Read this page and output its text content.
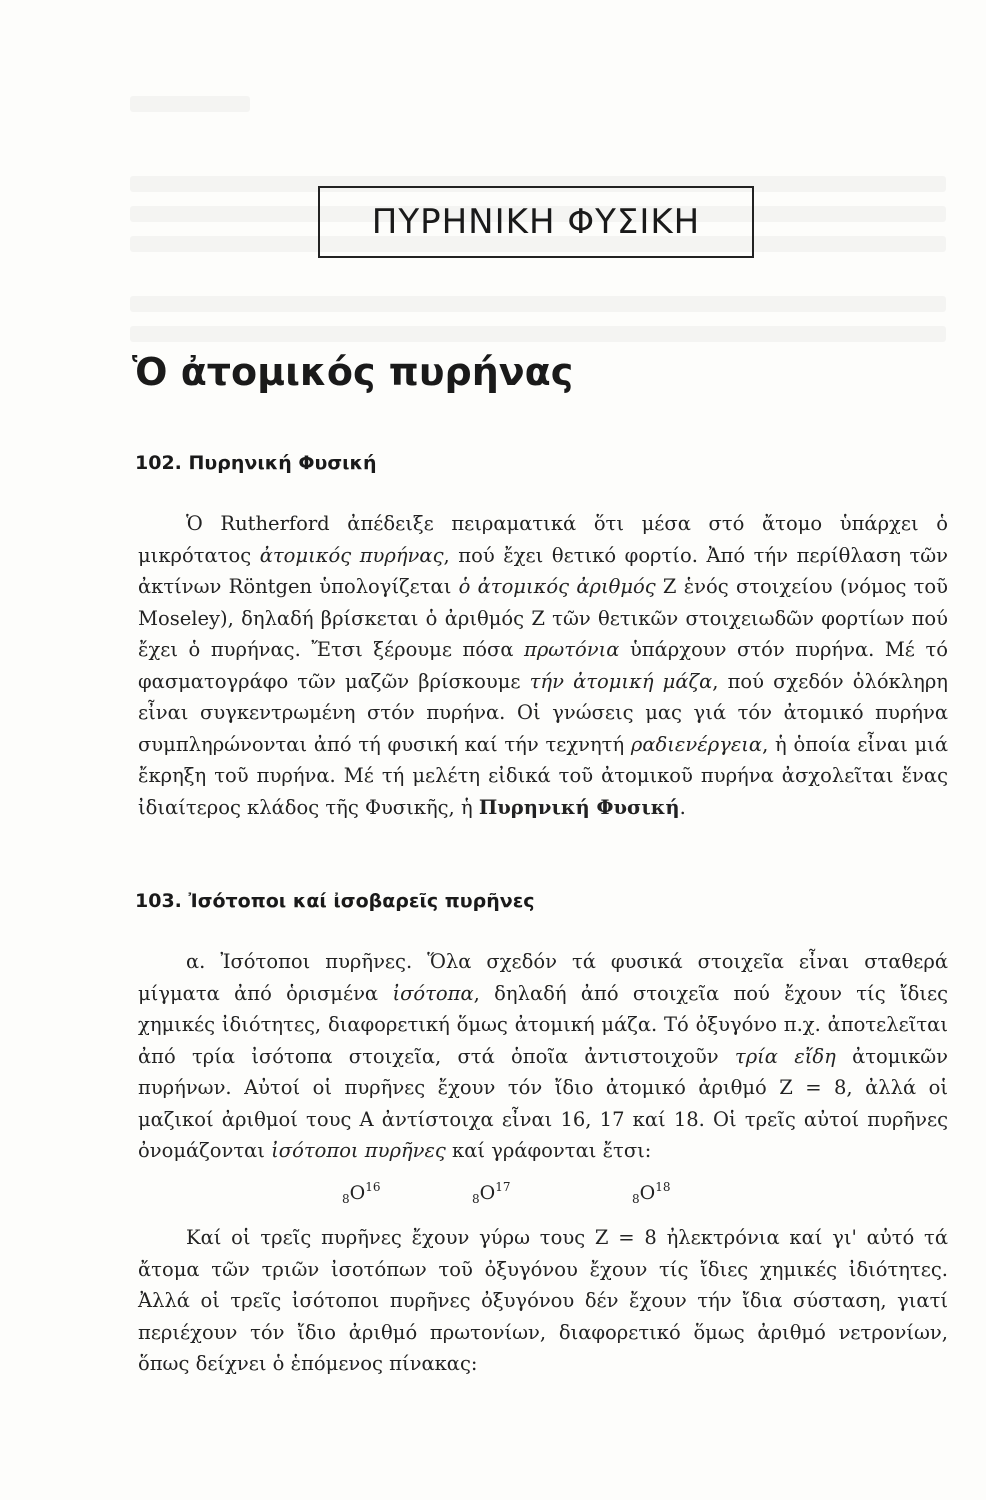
ΠΥΡΗΝΙΚΗ ΦΥΣΙΚΗ
Ὁ ἀτομικός πυρήνας
102. Πυρηνική Φυσική

Ὁ Rutherford ἀπέδειξε πειραματικά ὅτι μέσα στό ἄτομο ὑπάρχει ὁ μικρότατος ἀτομικός πυρήνας, πού ἔχει θετικό φορτίο. Ἀπό τήν περίθλαση τῶν ἀκτίνων Röntgen ὑπολογίζεται ὁ ἀτομικός ἀριθμός Ζ ἑνός στοιχείου (νόμος τοῦ Moseley), δηλαδή βρίσκεται ὁ ἀριθμός Ζ τῶν θετικῶν στοιχειωδῶν φορτίων πού ἔχει ὁ πυρήνας. Ἔτσι ξέρουμε πόσα πρωτόνια ὑπάρχουν στόν πυρήνα. Μέ τό φασματογράφο τῶν μαζῶν βρίσκουμε τήν ἀτομική μάζα, πού σχεδόν ὁλόκληρη εἶναι συγκεντρωμένη στόν πυρήνα. Οἱ γνώσεις μας γιά τόν ἀτομικό πυρήνα συμπληρώνονται ἀπό τή φυσική καί τήν τεχνητή ραδιενέργεια, ἡ ὁποία εἶναι μιά ἔκρηξη τοῦ πυρήνα. Μέ τή μελέτη εἰδικά τοῦ ἀτομικοῦ πυρήνα ἀσχολεῖται ἕνας ἰδιαίτερος κλάδος τῆς Φυσικῆς, ἡ Πυρηνική Φυσική.

103. Ἰσότοποι καί ἰσοβαρεῖς πυρῆνες

α. Ἰσότοποι πυρῆνες. Ὅλα σχεδόν τά φυσικά στοιχεῖα εἶναι σταθερά μίγματα ἀπό ὁρισμένα ἰσότοπα, δηλαδή ἀπό στοιχεῖα πού ἔχουν τίς ἴδιες χημικές ἰδιότητες, διαφορετική ὅμως ἀτομική μάζα. Τό ὀξυγόνο π.χ. ἀποτελεῖται ἀπό τρία ἰσότοπα στοιχεῖα, στά ὁποῖα ἀντιστοιχοῦν τρία εἴδη ἀτομικῶν πυρήνων. Αὐτοί οἱ πυρῆνες ἔχουν τόν ἴδιο ἀτομικό ἀριθμό Ζ = 8, ἀλλά οἱ μαζικοί ἀριθμοί τους Α ἀντίστοιχα εἶναι 16, 17 καί 18. Οἱ τρεῖς αὐτοί πυρῆνες ὀνομάζονται ἰσότοποι πυρῆνες καί γράφονται ἔτσι:

$_8O^{16}$
$_8O^{17}$
$_8O^{18}$

Καί οἱ τρεῖς πυρῆνες ἔχουν γύρω τους Ζ = 8 ἠλεκτρόνια καί γι' αὐτό τά ἄτομα τῶν τριῶν ἰσοτόπων τοῦ ὀξυγόνου ἔχουν τίς ἴδιες χημικές ἰδιότητες. Ἀλλά οἱ τρεῖς ἰσότοποι πυρῆνες ὀξυγόνου δέν ἔχουν τήν ἴδια σύσταση, γιατί περιέχουν τόν ἴδιο ἀριθμό πρωτονίων, διαφορετικό ὅμως ἀριθμό νετρονίων, ὅπως δείχνει ὁ ἑπόμενος πίνακας:
